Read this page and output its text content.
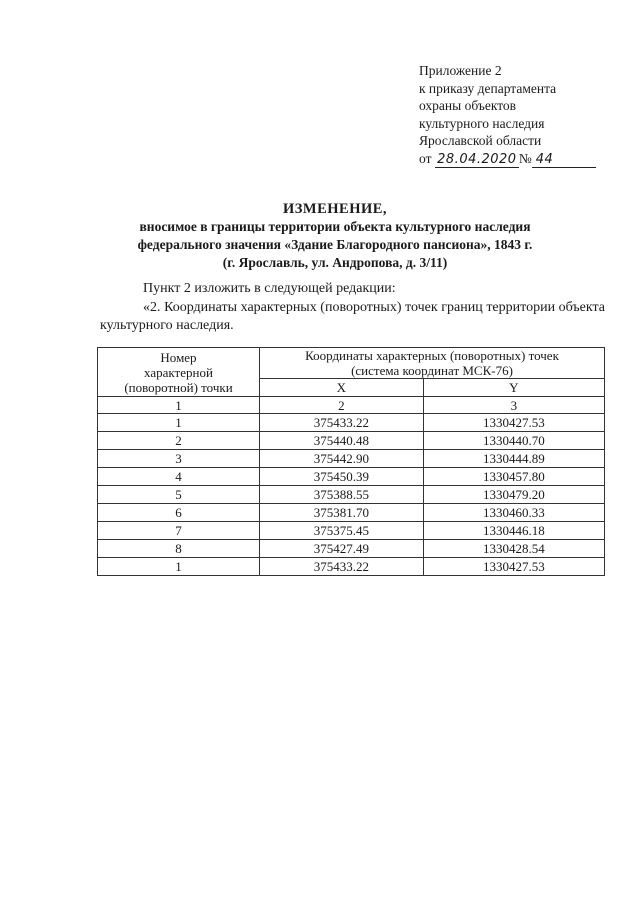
Приложение 2
к приказу департамента
охраны объектов
культурного наследия
Ярославской области
от 28.04.2020 № 44
ИЗМЕНЕНИЕ,
вносимое в границы территории объекта культурного наследия
федерального значения «Здание Благородного пансиона», 1843 г.
(г. Ярославль, ул. Андропова, д. 3/11)
Пункт 2 изложить в следующей редакции:
«2. Координаты характерных (поворотных) точек границ территории объекта культурного наследия.
Номер
характерной
(поворотной) точки	Координаты характерных (поворотных) точек
(система координат МСК-76)	
	X	Y
1	2	3
1	375433.22	1330427.53
2	375440.48	1330440.70
3	375442.90	1330444.89
4	375450.39	1330457.80
5	375388.55	1330479.20
6	375381.70	1330460.33
7	375375.45	1330446.18
8	375427.49	1330428.54
1	375433.22	1330427.53
